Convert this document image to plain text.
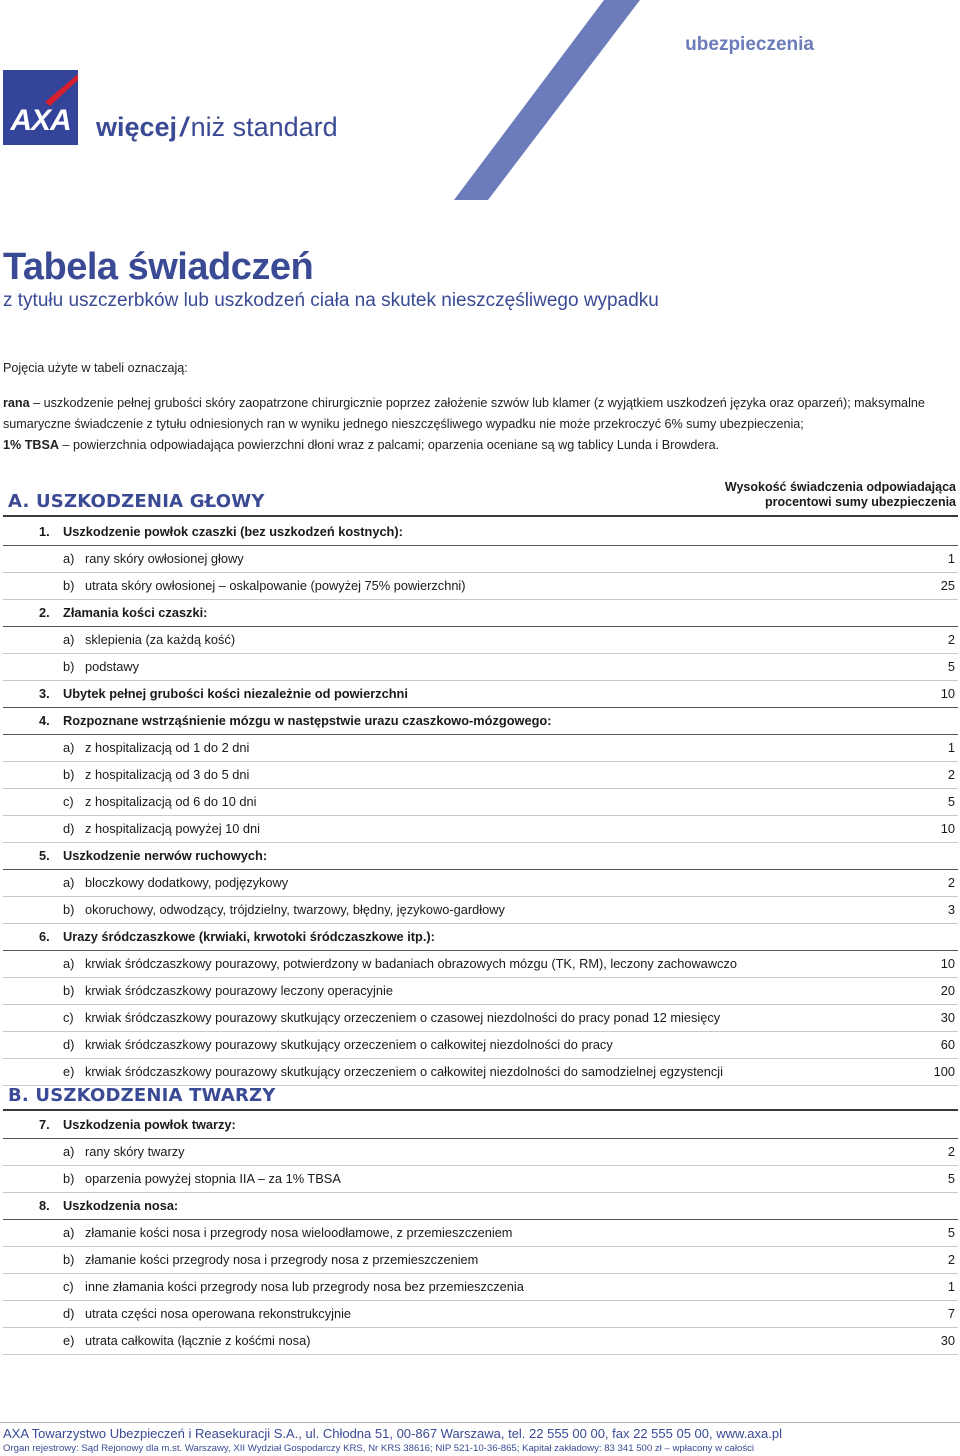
ubezpieczenia
AXA więcej / niż standard
Tabela świadczeń
z tytułu uszczerbków lub uszkodzeń ciała na skutek nieszczęśliwego wypadku

Pojęcia użyte w tabeli oznaczają:

rana – uszkodzenie pełnej grubości skóry zaopatrzone chirurgicznie poprzez założenie szwów lub klamer (z wyjątkiem uszkodzeń języka oraz oparzeń); maksymalne sumaryczne świadczenie z tytułu odniesionych ran w wyniku jednego nieszczęśliwego wypadku nie może przekroczyć 6% sumy ubezpieczenia;

1% TBSA – powierzchnia odpowiadająca powierzchni dłoni wraz z palcami; oparzenia oceniane są wg tablicy Lunda i Browdera.

A. USZKODZENIA GŁOWY
Wysokość świadczenia odpowiadająca
procentowi sumy ubezpieczenia
1. Uszkodzenie powłok czaszki (bez uszkodzeń kostnych):
a) rany skóry owłosionej głowy	1
b) utrata skóry owłosionej – oskalpowanie (powyżej 75% powierzchni)	25
2. Złamania kości czaszki:
a) sklepienia (za każdą kość)	2
b) podstawy	5
3. Ubytek pełnej grubości kości niezależnie od powierzchni	10
4. Rozpoznane wstrząśnienie mózgu w następstwie urazu czaszkowo-mózgowego:
a) z hospitalizacją od 1 do 2 dni	1
b) z hospitalizacją od 3 do 5 dni	2
c) z hospitalizacją od 6 do 10 dni	5
d) z hospitalizacją powyżej 10 dni	10
5. Uszkodzenie nerwów ruchowych:
a) bloczkowy dodatkowy, podjęzykowy	2
b) okoruchowy, odwodzący, trójdzielny, twarzowy, błędny, językowo-gardłowy	3
6. Urazy śródczaszkowe (krwiaki, krwotoki śródczaszkowe itp.):
a) krwiak śródczaszkowy pourazowy, potwierdzony w badaniach obrazowych mózgu (TK, RM), leczony zachowawczo	10
b) krwiak śródczaszkowy pourazowy leczony operacyjnie	20
c) krwiak śródczaszkowy pourazowy skutkujący orzeczeniem o czasowej niezdolności do pracy ponad 12 miesięcy	30
d) krwiak śródczaszkowy pourazowy skutkujący orzeczeniem o całkowitej niezdolności do pracy	60
e) krwiak śródczaszkowy pourazowy skutkujący orzeczeniem o całkowitej niezdolności do samodzielnej egzystencji	100
B. USZKODZENIA TWARZY
7. Uszkodzenia powłok twarzy:
a) rany skóry twarzy	2
b) oparzenia powyżej stopnia IIA – za 1% TBSA	5
8. Uszkodzenia nosa:
a) złamanie kości nosa i przegrody nosa wieloodłamowe, z przemieszczeniem	5
b) złamanie kości przegrody nosa i przegrody nosa z przemieszczeniem	2
c) inne złamania kości przegrody nosa lub przegrody nosa bez przemieszczenia	1
d) utrata części nosa operowana rekonstrukcyjnie	7
e) utrata całkowita (łącznie z kośćmi nosa)	30
AXA Towarzystwo Ubezpieczeń i Reasekuracji S.A., ul. Chłodna 51, 00-867 Warszawa, tel. 22 555 00 00, fax 22 555 05 00, www.axa.pl
Organ rejestrowy: Sąd Rejonowy dla m.st. Warszawy, XII Wydział Gospodarczy KRS, Nr KRS 38616; NIP 521-10-36-865; Kapitał zakładowy: 83 341 500 zł – wpłacony w całości
